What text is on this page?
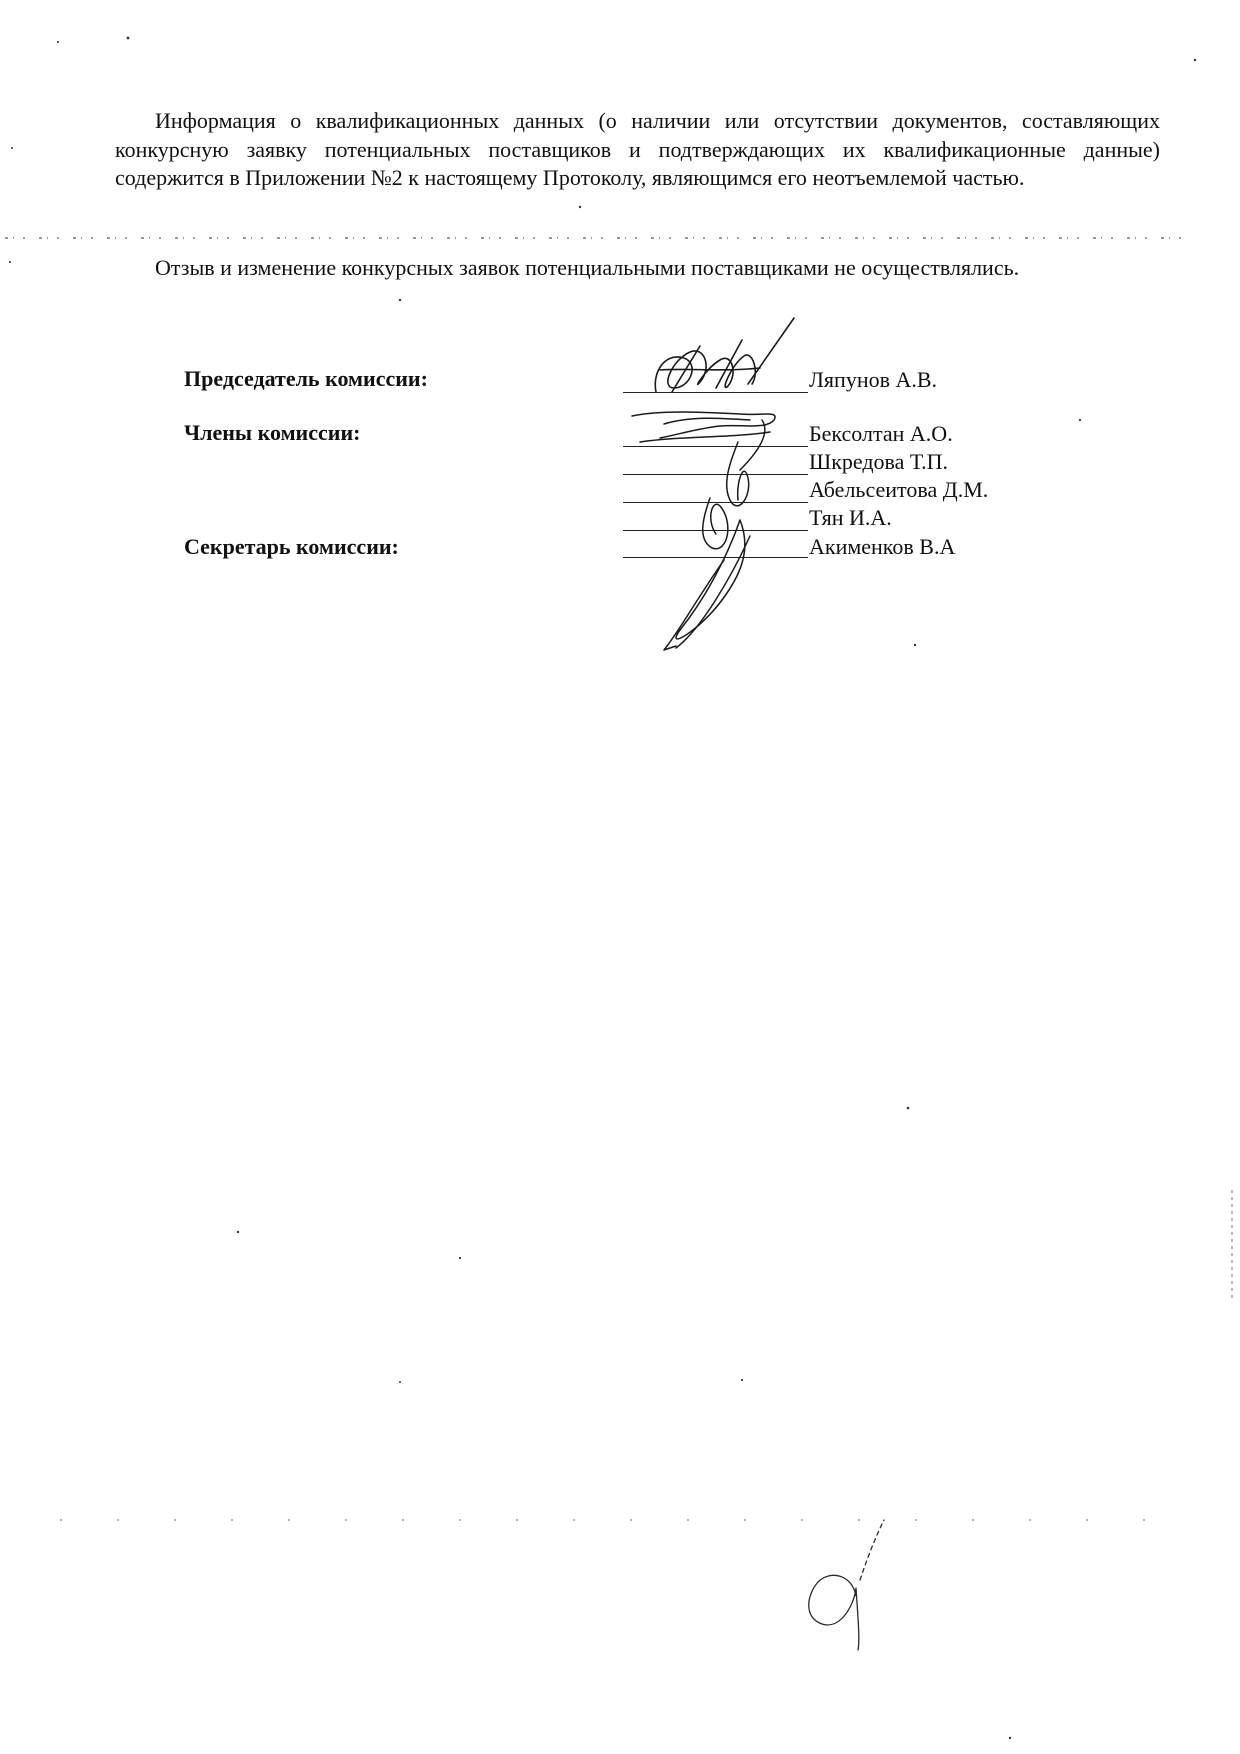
Информация о квалификационных данных (о наличии или отсутствии документов, составляющих конкурсную заявку потенциальных поставщиков и подтверждающих их квалификационные данные) содержится в Приложении №2 к настоящему Протоколу, являющимся его неотъемлемой частью.

Отзыв и изменение конкурсных заявок потенциальными поставщиками не осуществлялись.

Председатель комиссии:

Члены комиссии:

Секретарь комиссии:

Ляпунов А.В.

Бексолтан А.О.

Шкредова Т.П.

Абельсеитова Д.М.

Тян И.А.

Акименков В.А
